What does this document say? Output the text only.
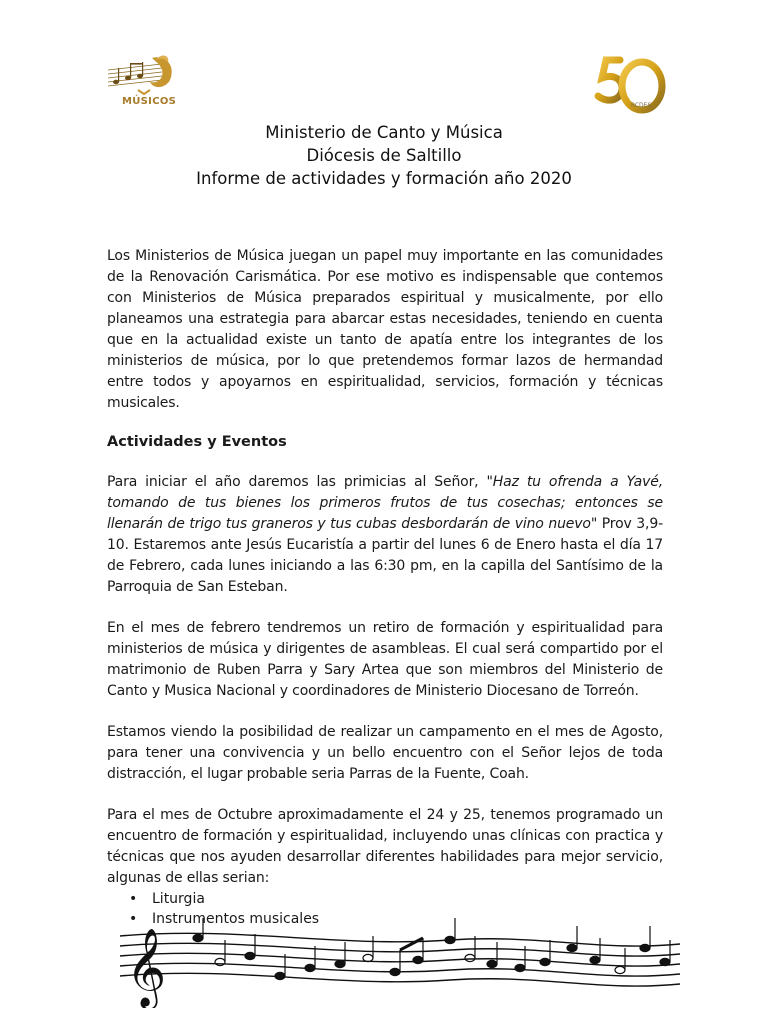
MÚSICOS	RCDES
Ministerio de Canto y Música
Diócesis de Saltillo
Informe de actividades y formación año 2020

Los Ministerios de Música juegan un papel muy importante en las comunidades de la Renovación Carismática. Por ese motivo es indispensable que contemos con Ministerios de Música preparados espiritual y musicalmente, por ello planeamos una estrategia para abarcar estas necesidades, teniendo en cuenta que en la actualidad existe un tanto de apatía entre los integrantes de los ministerios de música, por lo que pretendemos formar lazos de hermandad entre todos y apoyarnos en espiritualidad, servicios, formación y técnicas musicales.

Actividades y Eventos

Para iniciar el año daremos las primicias al Señor, "Haz tu ofrenda a Yavé, tomando de tus bienes los primeros frutos de tus cosechas; entonces se llenarán de trigo tus graneros y tus cubas desbordarán de vino nuevo" Prov 3,9-10. Estaremos ante Jesús Eucaristía a partir del lunes 6 de Enero hasta el día 17 de Febrero, cada lunes iniciando a las 6:30 pm, en la capilla del Santísimo de la Parroquia de San Esteban.

En el mes de febrero tendremos un retiro de formación y espiritualidad para ministerios de música y dirigentes de asambleas. El cual será compartido por el matrimonio de Ruben Parra y Sary Artea que son miembros del Ministerio de Canto y Musica Nacional y coordinadores de Ministerio Diocesano de Torreón.

Estamos viendo la posibilidad de realizar un campamento en el mes de Agosto, para tener una convivencia y un bello encuentro con el Señor lejos de toda distracción, el lugar probable seria Parras de la Fuente, Coah.

Para el mes de Octubre aproximadamente el 24 y 25, tenemos programado un encuentro de formación y espiritualidad, incluyendo unas clínicas con practica y técnicas que nos ayuden desarrollar diferentes habilidades para mejor servicio, algunas de ellas serian:

• Liturgia
• Instrumentos musicales
𝄞
